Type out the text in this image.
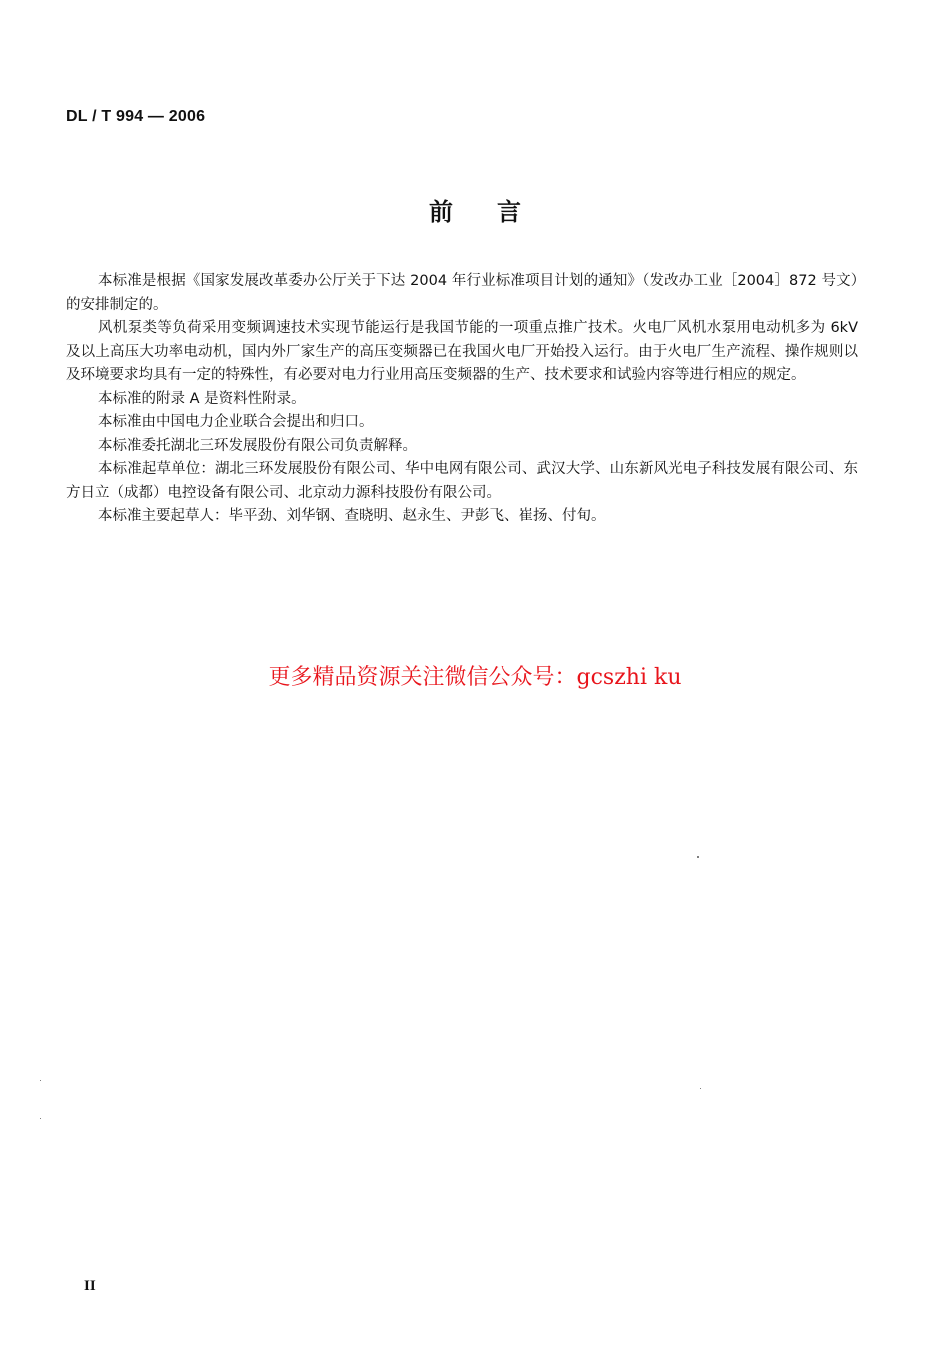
DL / T 994 — 2006
前言

本标准是根据《国家发展改革委办公厅关于下达 2004 年行业标准项目计划的通知》（发改办工业［2004］872 号文）的安排制定的。

风机泵类等负荷采用变频调速技术实现节能运行是我国节能的一项重点推广技术。火电厂风机水泵用电动机多为 6kV 及以上高压大功率电动机，国内外厂家生产的高压变频器已在我国火电厂开始投入运行。由于火电厂生产流程、操作规则以及环境要求均具有一定的特殊性，有必要对电力行业用高压变频器的生产、技术要求和试验内容等进行相应的规定。

本标准的附录 A 是资料性附录。

本标准由中国电力企业联合会提出和归口。

本标准委托湖北三环发展股份有限公司负责解释。

本标准起草单位：湖北三环发展股份有限公司、华中电网有限公司、武汉大学、山东新风光电子科技发展有限公司、东方日立（成都）电控设备有限公司、北京动力源科技股份有限公司。

本标准主要起草人：毕平劲、刘华钢、查晓明、赵永生、尹彭飞、崔扬、付旬。

更多精品资源关注微信公众号：gcszhi ku
II
